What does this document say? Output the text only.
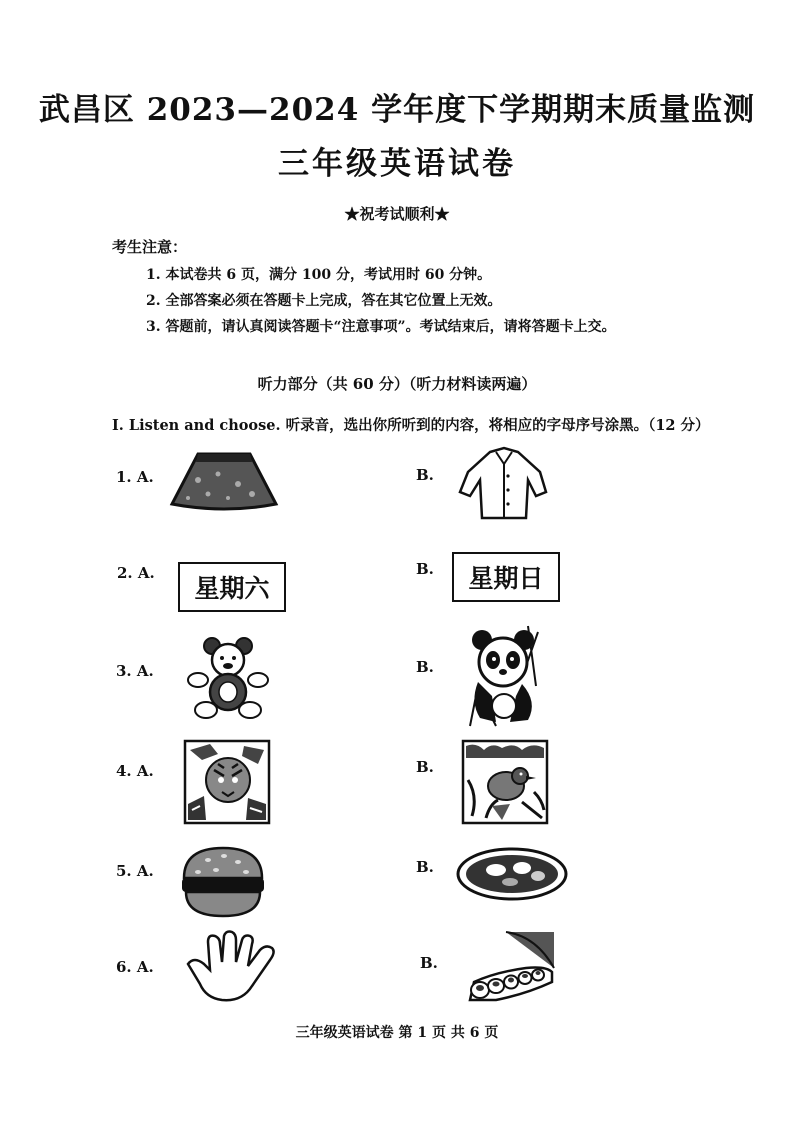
武昌区 2023—2024 学年度下学期期末质量监测
三年级英语试卷
★祝考试顺利★
考生注意：
1. 本试卷共 6 页，满分 100 分，考试用时 60 分钟。
2. 全部答案必须在答题卡上完成，答在其它位置上无效。
3. 答题前，请认真阅读答题卡“注意事项”。考试结束后，请将答题卡上交。
听力部分（共 60 分）（听力材料读两遍）
I. Listen and choose. 听录音，选出你所听到的内容，将相应的字母序号涂黑。（12 分）
1. A.	B.
2. A.
星期六
B.	星期日
3. A.	B.
4. A.	B.
5. A.	B.
6. A.	B.
三年级英语试卷 第 1 页 共 6 页
